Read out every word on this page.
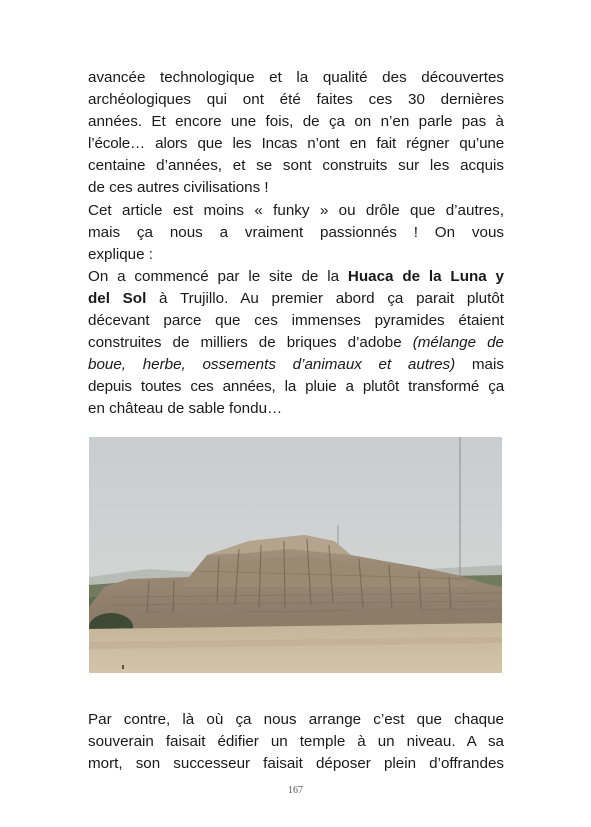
avancée technologique et la qualité des découvertes
archéologiques qui ont été faites ces 30 dernières
années. Et encore une fois, de ça on n’en parle pas à
l’école… alors que les Incas n’ont en fait régner qu’une
centaine d’années, et se sont construits sur les acquis
de ces autres civilisations !
Cet article est moins « funky » ou drôle que d’autres,
mais ça nous a vraiment passionnés ! On vous
explique :
On a commencé par le site de la Huaca de la Luna y
del Sol à Trujillo. Au premier abord ça parait plutôt
décevant parce que ces immenses pyramides étaient
construites de milliers de briques d’adobe (mélange de
boue, herbe, ossements d’animaux et autres) mais
depuis toutes ces années, la pluie a plutôt transformé ça
en château de sable fondu…
Par contre, là où ça nous arrange c’est que chaque
souverain faisait édifier un temple à un niveau. A sa
mort, son successeur faisait déposer plein d’offrandes
167
